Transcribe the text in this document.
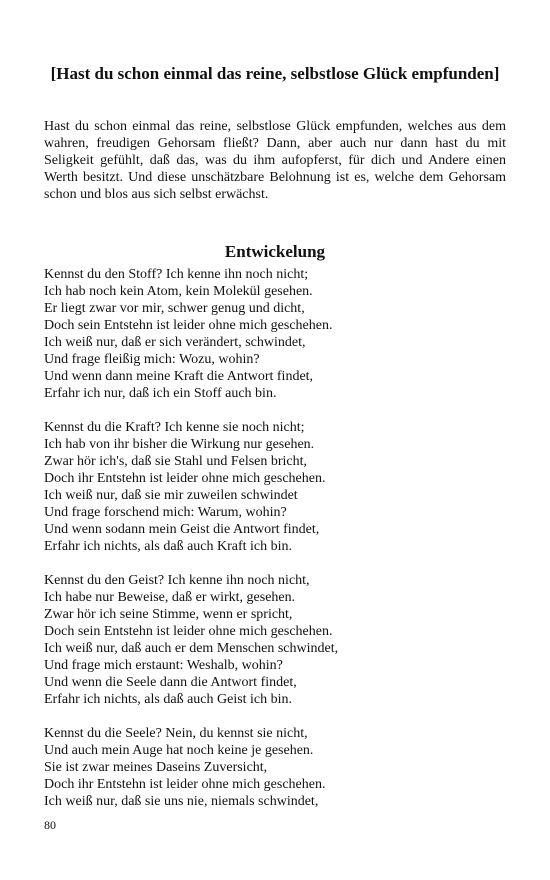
[Hast du schon einmal das reine, selbstlose Glück empfunden]

Hast du schon einmal das reine, selbstlose Glück empfunden, welches aus dem wahren, freudigen Gehorsam fließt? Dann, aber auch nur dann hast du mit Seligkeit gefühlt, daß das, was du ihm aufopferst, für dich und Andere einen Werth besitzt. Und diese unschätzbare Belohnung ist es, welche dem Gehorsam schon und blos aus sich selbst erwächst.

Entwickelung
Kennst du den Stoff? Ich kenne ihn noch nicht;
Ich hab noch kein Atom, kein Molekül gesehen.
Er liegt zwar vor mir, schwer genug und dicht,
Doch sein Entstehn ist leider ohne mich geschehen.
Ich weiß nur, daß er sich verändert, schwindet,
Und frage fleißig mich: Wozu, wohin?
Und wenn dann meine Kraft die Antwort findet,
Erfahr ich nur, daß ich ein Stoff auch bin.
Kennst du die Kraft? Ich kenne sie noch nicht;
Ich hab von ihr bisher die Wirkung nur gesehen.
Zwar hör ich's, daß sie Stahl und Felsen bricht,
Doch ihr Entstehn ist leider ohne mich geschehen.
Ich weiß nur, daß sie mir zuweilen schwindet
Und frage forschend mich: Warum, wohin?
Und wenn sodann mein Geist die Antwort findet,
Erfahr ich nichts, als daß auch Kraft ich bin.
Kennst du den Geist? Ich kenne ihn noch nicht,
Ich habe nur Beweise, daß er wirkt, gesehen.
Zwar hör ich seine Stimme, wenn er spricht,
Doch sein Entstehn ist leider ohne mich geschehen.
Ich weiß nur, daß auch er dem Menschen schwindet,
Und frage mich erstaunt: Weshalb, wohin?
Und wenn die Seele dann die Antwort findet,
Erfahr ich nichts, als daß auch Geist ich bin.
Kennst du die Seele? Nein, du kennst sie nicht,
Und auch mein Auge hat noch keine je gesehen.
Sie ist zwar meines Daseins Zuversicht,
Doch ihr Entstehn ist leider ohne mich geschehen.
Ich weiß nur, daß sie uns nie, niemals schwindet,
80
